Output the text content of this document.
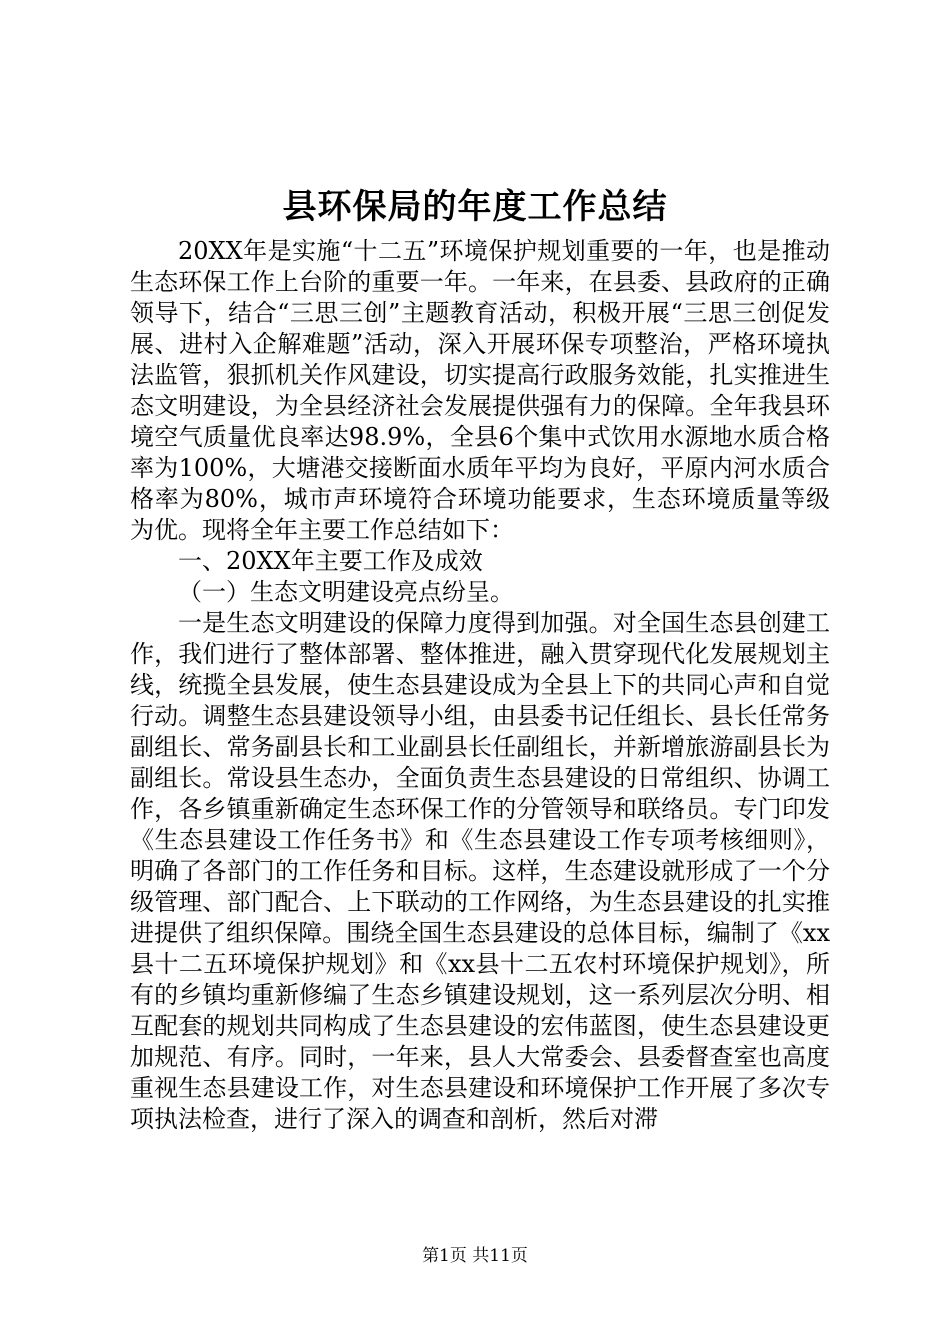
县环保局的年度工作总结

20XX年是实施“十二五”环境保护规划重要的一年，也是推动生态环保工作上台阶的重要一年。一年来，在县委、县政府的正确领导下，结合“三思三创”主题教育活动，积极开展“三思三创促发展、进村入企解难题”活动，深入开展环保专项整治，严格环境执法监管，狠抓机关作风建设，切实提高行政服务效能，扎实推进生态文明建设，为全县经济社会发展提供强有力的保障。全年我县环境空气质量优良率达98.9%，全县6个集中式饮用水源地水质合格率为100%，大塘港交接断面水质年平均为良好，平原内河水质合格率为80%，城市声环境符合环境功能要求，生态环境质量等级为优。现将全年主要工作总结如下：

一、20XX年主要工作及成效

（一）生态文明建设亮点纷呈。

一是生态文明建设的保障力度得到加强。对全国生态县创建工作，我们进行了整体部署、整体推进，融入贯穿现代化发展规划主线，统揽全县发展，使生态县建设成为全县上下的共同心声和自觉行动。调整生态县建设领导小组，由县委书记任组长、县长任常务副组长、常务副县长和工业副县长任副组长，并新增旅游副县长为副组长。常设县生态办，全面负责生态县建设的日常组织、协调工作，各乡镇重新确定生态环保工作的分管领导和联络员。专门印发《生态县建设工作任务书》和《生态县建设工作专项考核细则》，明确了各部门的工作任务和目标。这样，生态建设就形成了一个分级管理、部门配合、上下联动的工作网络，为生态县建设的扎实推进提供了组织保障。围绕全国生态县建设的总体目标，编制了《xx县十二五环境保护规划》和《xx县十二五农村环境保护规划》，所有的乡镇均重新修编了生态乡镇建设规划，这一系列层次分明、相互配套的规划共同构成了生态县建设的宏伟蓝图，使生态县建设更加规范、有序。同时，一年来，县人大常委会、县委督查室也高度重视生态县建设工作，对生态县建设和环境保护工作开展了多次专项执法检查，进行了深入的调查和剖析，然后对滞

第1页 共11页
